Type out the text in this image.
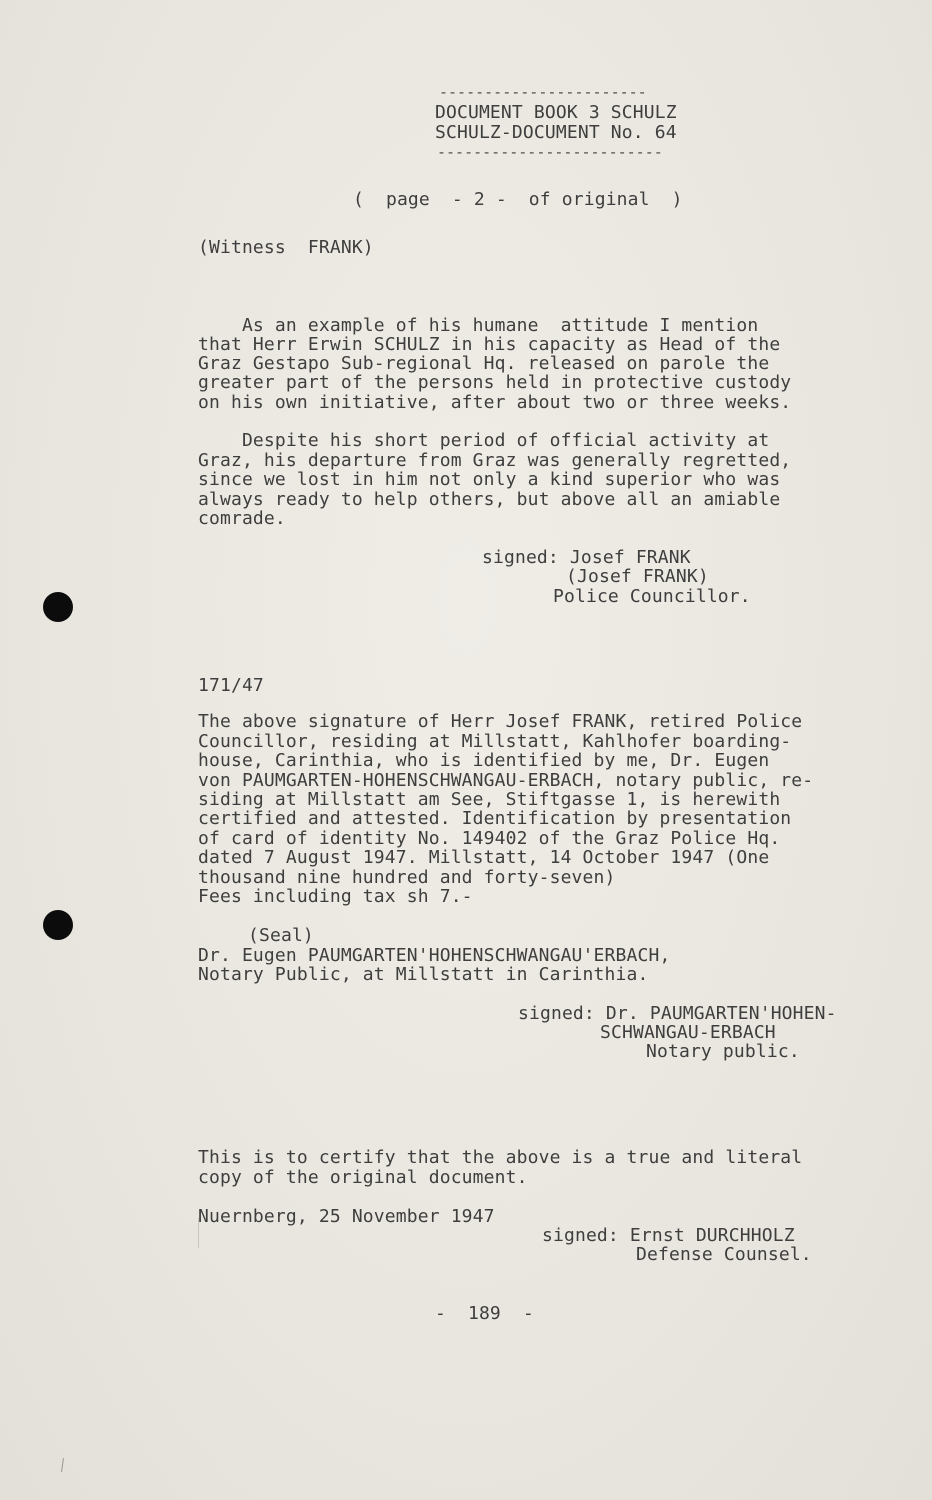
-----------------------
DOCUMENT BOOK 3 SCHULZ
SCHULZ-DOCUMENT No. 64
-------------------------
(  page  - 2 -  of original  )
(Witness  FRANK)
As an example of his humane  attitude I mention
that Herr Erwin SCHULZ in his capacity as Head of the
Graz Gestapo Sub-regional Hq. released on parole the
greater part of the persons held in protective custody
on his own initiative, after about two or three weeks.
Despite his short period of official activity at
Graz, his departure from Graz was generally regretted,
since we lost in him not only a kind superior who was
always ready to help others, but above all an amiable
comrade.
signed: Josef FRANK
(Josef FRANK)
Police Councillor.
171/47
The above signature of Herr Josef FRANK, retired Police
Councillor, residing at Millstatt, Kahlhofer boarding-
house, Carinthia, who is identified by me, Dr. Eugen
von PAUMGARTEN-HOHENSCHWANGAU-ERBACH, notary public, re-
siding at Millstatt am See, Stiftgasse 1, is herewith
certified and attested. Identification by presentation
of card of identity No. 149402 of the Graz Police Hq.
dated 7 August 1947. Millstatt, 14 October 1947 (One
thousand nine hundred and forty-seven)
Fees including tax sh 7.-
(Seal)
Dr. Eugen PAUMGARTEN'HOHENSCHWANGAU'ERBACH,
Notary Public, at Millstatt in Carinthia.
signed: Dr. PAUMGARTEN'HOHEN-
SCHWANGAU-ERBACH
Notary public.
This is to certify that the above is a true and literal
copy of the original document.
Nuernberg, 25 November 1947
signed: Ernst DURCHHOLZ
Defense Counsel.
-  189  -
